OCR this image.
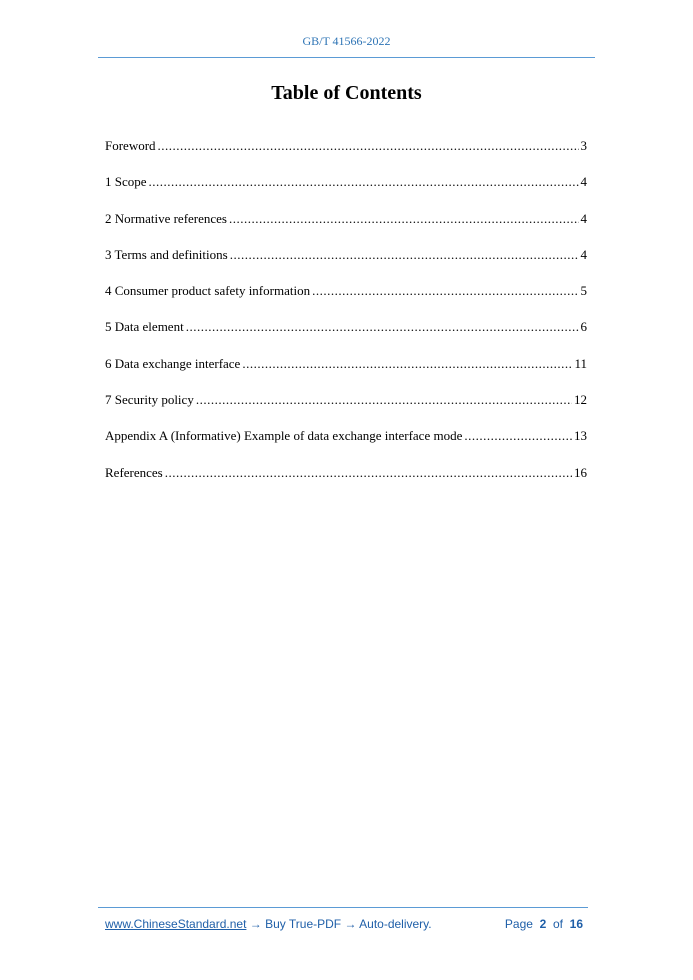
GB/T 41566-2022
Table of Contents
Foreword .....	3
1 Scope .....	4
2 Normative references .....	4
3 Terms and definitions .....	4
4 Consumer product safety information .....	5
5 Data element .....	6
6 Data exchange interface .....	11
7 Security policy .....	12
Appendix A (Informative) Example of data exchange interface mode .....	13
References .....	16
www.ChineseStandard.net → Buy True-PDF → Auto-delivery.	Page 2 of 16
